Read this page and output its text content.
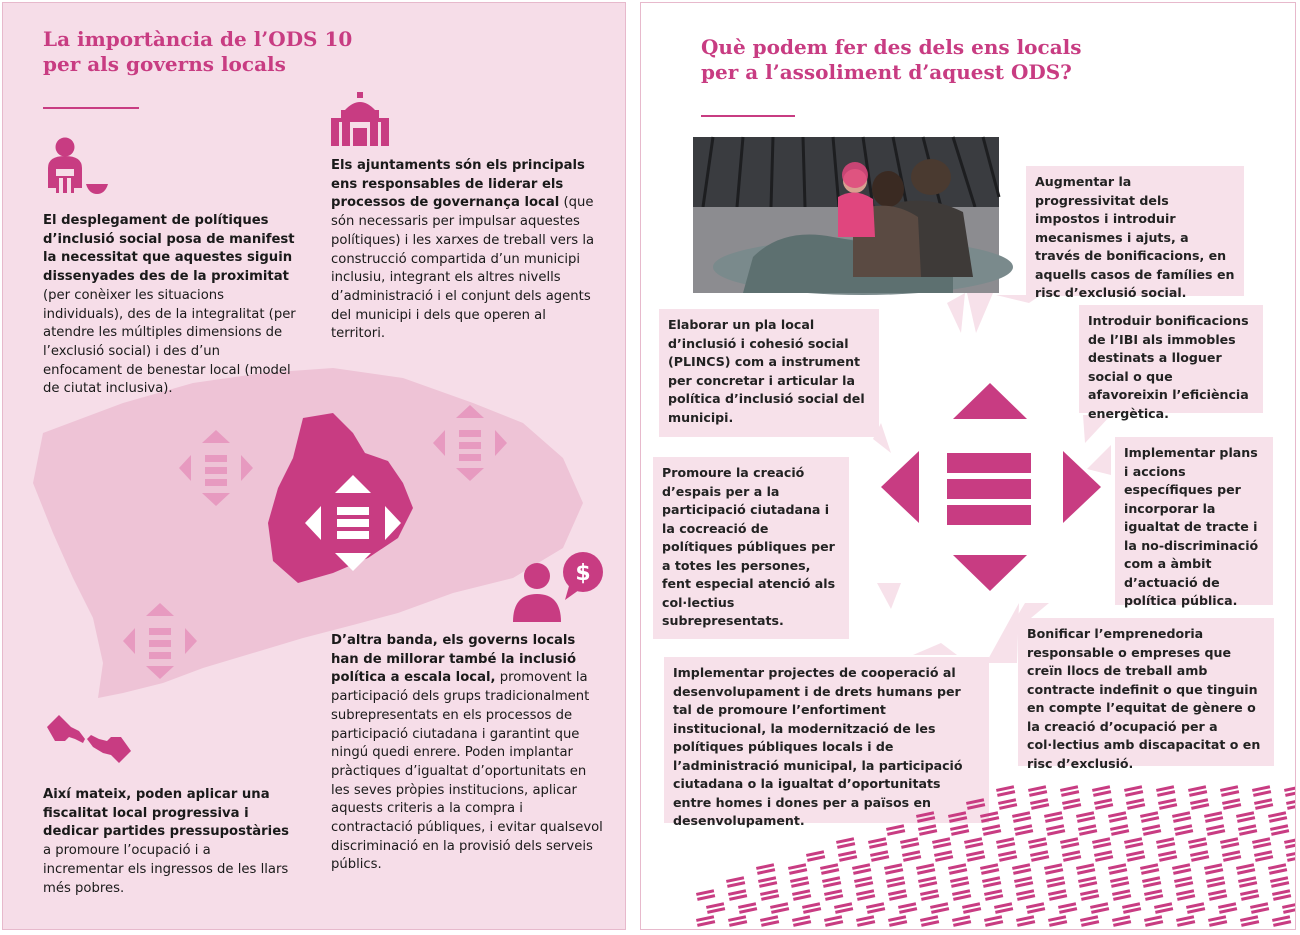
La importància de l’ODS 10
per als governs locals
El desplegament de polítiques d’inclusió social posa de manifest la necessitat que aquestes siguin dissenyades des de la proximitat (per conèixer les situacions individuals), des de la integralitat (per atendre les múltiples dimensions de l’exclusió social) i des d’un enfocament de benestar local (model de ciutat inclusiva).
Els ajuntaments són els principals ens responsables de liderar els processos de governança local (que són necessaris per impulsar aquestes polítiques) i les xarxes de treball vers la construcció compartida d’un municipi inclusiu, integrant els altres nivells d’administració i el conjunt dels agents del municipi i dels que operen al territori.
$
D’altra banda, els governs locals han de millorar també la inclusió política a escala local, promovent la participació dels grups tradicionalment subrepresentats en els processos de participació ciutadana i garantint que ningú quedi enrere. Poden implantar pràctiques d’igualtat d’oportunitats en les seves pròpies institucions, aplicar aquests criteris a la compra i contractació públiques, i evitar qualsevol discriminació en la provisió dels serveis públics.
Així mateix, poden aplicar una fiscalitat local progressiva i dedicar partides pressupostàries a promoure l’ocupació i a incrementar els ingressos de les llars més pobres.
Què podem fer des dels ens locals
per a l’assoliment d’aquest ODS?

Augmentar la progressivitat dels impostos i introduir mecanismes i ajuts, a través de bonificacions, en aquells casos de famílies en risc d’exclusió social.

Introduir bonificacions de l’IBI als immobles destinats a lloguer social o que afavoreixin l’eficiència energètica.

Implementar plans i accions específiques per incorporar la igualtat de tracte i la no-discriminació com a àmbit d’actuació de política pública.

Bonificar l’emprenedoria responsable o empreses que creïn llocs de treball amb contracte indefinit o que tinguin en compte l’equitat de gènere o la creació d’ocupació per a col·lectius amb discapacitat o en risc d’exclusió.

Implementar projectes de cooperació al desenvolupament i de drets humans per tal de promoure l’enfortiment institucional, la modernització de les polítiques públiques locals i de l’administració municipal, la participació ciutadana o la igualtat d’oportunitats entre homes i dones per a països en desenvolupament.

Promoure la creació d’espais per a la participació ciutadana i la cocreació de polítiques públiques per a totes les persones, fent especial atenció als col·lectius subrepresentats.

Elaborar un pla local d’inclusió i cohesió social (PLINCS) com a instrument per concretar i articular la política d’inclusió social del municipi.
